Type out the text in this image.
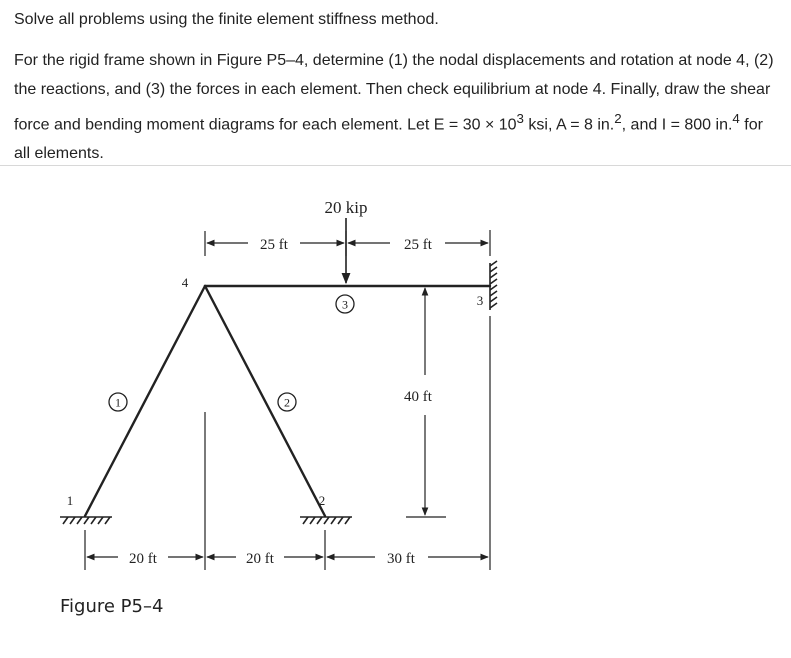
Solve all problems using the finite element stiffness method.

For the rigid frame shown in Figure P5–4, determine (1) the nodal displacements and rotation at node 4, (2) the reactions, and (3) the forces in each element. Then check equilibrium at node 4. Finally, draw the shear force and bending moment diagrams for each element. Let $E = 30 \times 10^3$ ksi, A = 8 in.$^2$, and I = 800 in.$^4$ for all elements.

20 kip
25 ft	25 ft
40 ft
20 ft	20 ft	30 ft
1	2
3
4
1	2
3
Figure P5–4
